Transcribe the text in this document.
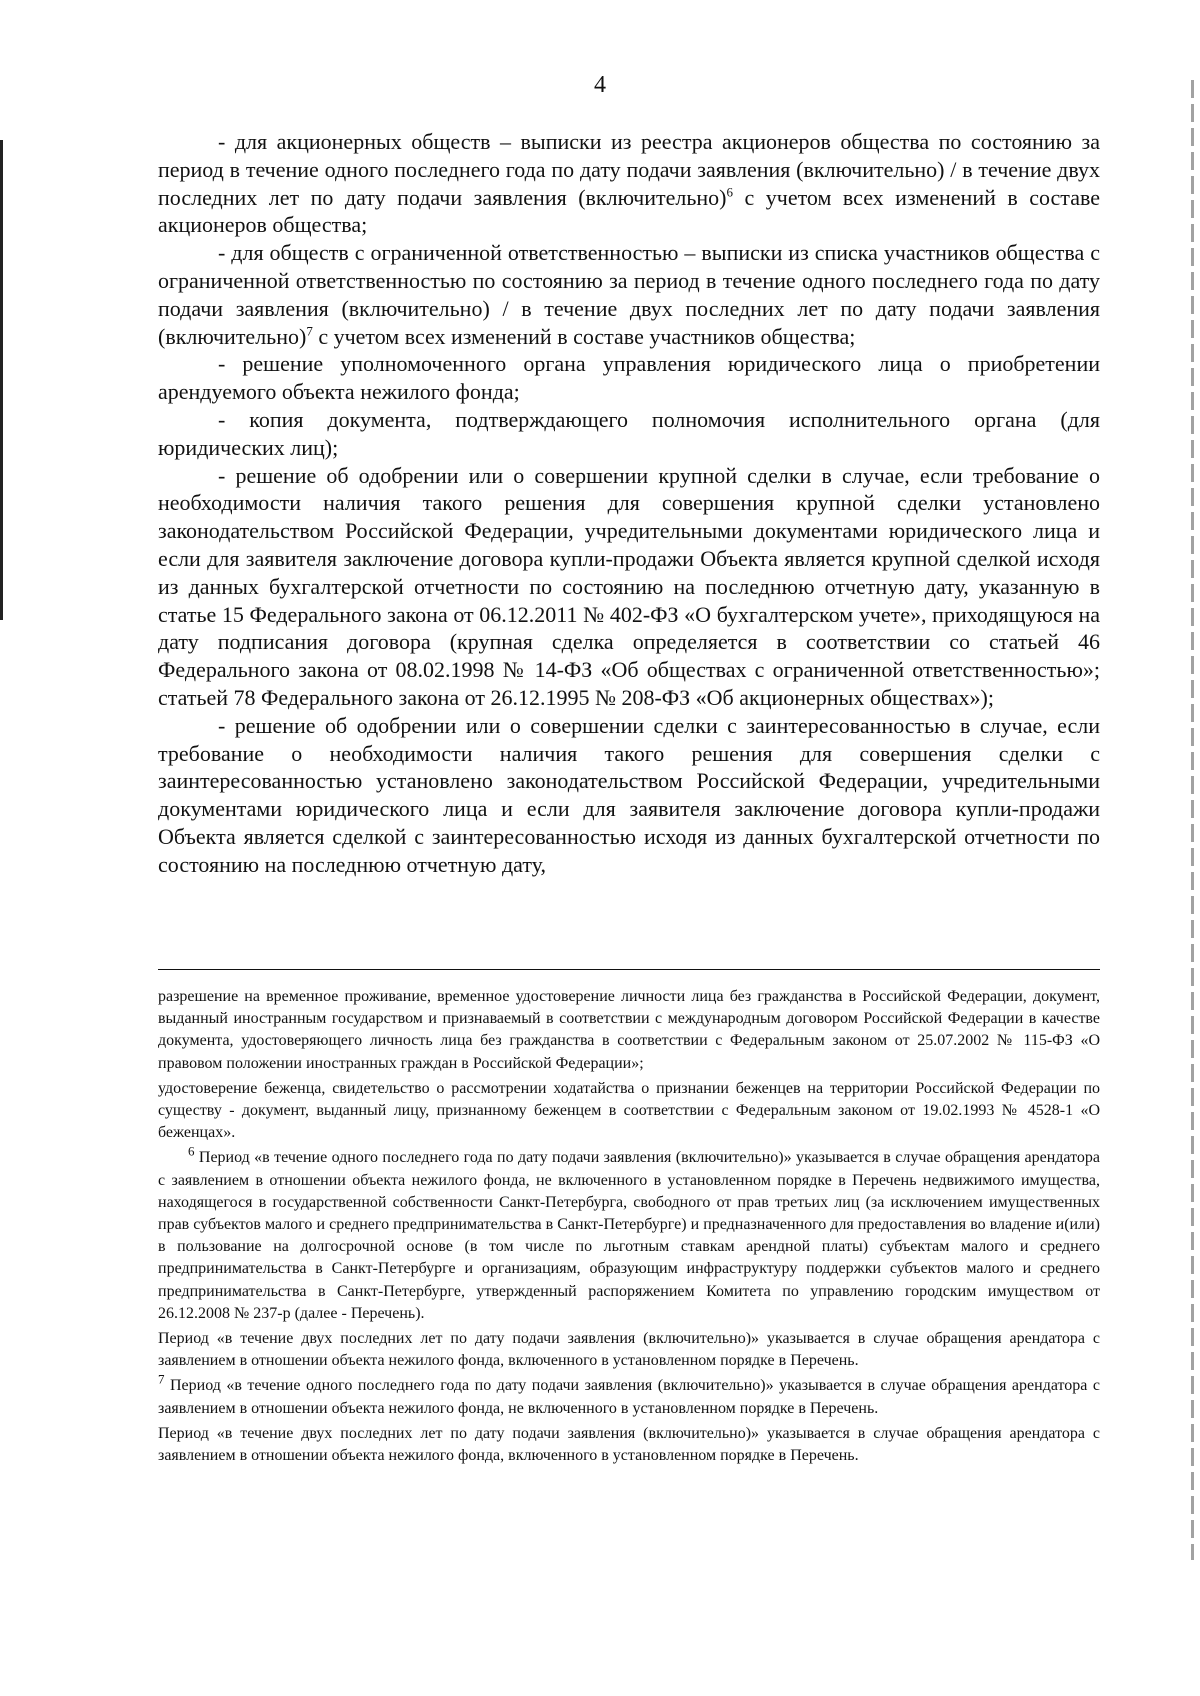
4

- для акционерных обществ – выписки из реестра акционеров общества по состоянию за период в течение одного последнего года по дату подачи заявления (включительно) / в течение двух последних лет по дату подачи заявления (включительно)$^6$ с учетом всех изменений в составе акционеров общества;

- для обществ с ограниченной ответственностью – выписки из списка участников общества с ограниченной ответственностью по состоянию за период в течение одного последнего года по дату подачи заявления (включительно) / в течение двух последних лет по дату подачи заявления (включительно)$^7$ с учетом всех изменений в составе участников общества;

- решение уполномоченного органа управления юридического лица о приобретении арендуемого объекта нежилого фонда;

- копия документа, подтверждающего полномочия исполнительного органа (для юридических лиц);

- решение об одобрении или о совершении крупной сделки в случае, если требование о необходимости наличия такого решения для совершения крупной сделки установлено законодательством Российской Федерации, учредительными документами юридического лица и если для заявителя заключение договора купли-продажи Объекта является крупной сделкой исходя из данных бухгалтерской отчетности по состоянию на последнюю отчетную дату, указанную в статье 15 Федерального закона от 06.12.2011 № 402-ФЗ «О бухгалтерском учете», приходящуюся на дату подписания договора (крупная сделка определяется в соответствии со статьей 46 Федерального закона от 08.02.1998 № 14-ФЗ «Об обществах с ограниченной ответственностью»; статьей 78 Федерального закона от 26.12.1995 № 208-ФЗ «Об акционерных обществах»);

- решение об одобрении или о совершении сделки с заинтересованностью в случае, если требование о необходимости наличия такого решения для совершения сделки с заинтересованностью установлено законодательством Российской Федерации, учредительными документами юридического лица и если для заявителя заключение договора купли-продажи Объекта является сделкой с заинтересованностью исходя из данных бухгалтерской отчетности по состоянию на последнюю отчетную дату,

разрешение на временное проживание, временное удостоверение личности лица без гражданства в Российской Федерации, документ, выданный иностранным государством и признаваемый в соответствии с международным договором Российской Федерации в качестве документа, удостоверяющего личность лица без гражданства в соответствии с Федеральным законом от 25.07.2002 № 115-ФЗ «О правовом положении иностранных граждан в Российской Федерации»;

удостоверение беженца, свидетельство о рассмотрении ходатайства о признании беженцев на территории Российской Федерации по существу - документ, выданный лицу, признанному беженцем в соответствии с Федеральным законом от 19.02.1993 № 4528-1 «О беженцах».

$^6$ Период «в течение одного последнего года по дату подачи заявления (включительно)» указывается в случае обращения арендатора с заявлением в отношении объекта нежилого фонда, не включенного в установленном порядке в Перечень недвижимого имущества, находящегося в государственной собственности Санкт-Петербурга, свободного от прав третьих лиц (за исключением имущественных прав субъектов малого и среднего предпринимательства в Санкт-Петербурге) и предназначенного для предоставления во владение и(или) в пользование на долгосрочной основе (в том числе по льготным ставкам арендной платы) субъектам малого и среднего предпринимательства в Санкт-Петербурге и организациям, образующим инфраструктуру поддержки субъектов малого и среднего предпринимательства в Санкт-Петербурге, утвержденный распоряжением Комитета по управлению городским имуществом от 26.12.2008 № 237-р (далее - Перечень).

Период «в течение двух последних лет по дату подачи заявления (включительно)» указывается в случае обращения арендатора с заявлением в отношении объекта нежилого фонда, включенного в установленном порядке в Перечень.

$^7$ Период «в течение одного последнего года по дату подачи заявления (включительно)» указывается в случае обращения арендатора с заявлением в отношении объекта нежилого фонда, не включенного в установленном порядке в Перечень.

Период «в течение двух последних лет по дату подачи заявления (включительно)» указывается в случае обращения арендатора с заявлением в отношении объекта нежилого фонда, включенного в установленном порядке в Перечень.
